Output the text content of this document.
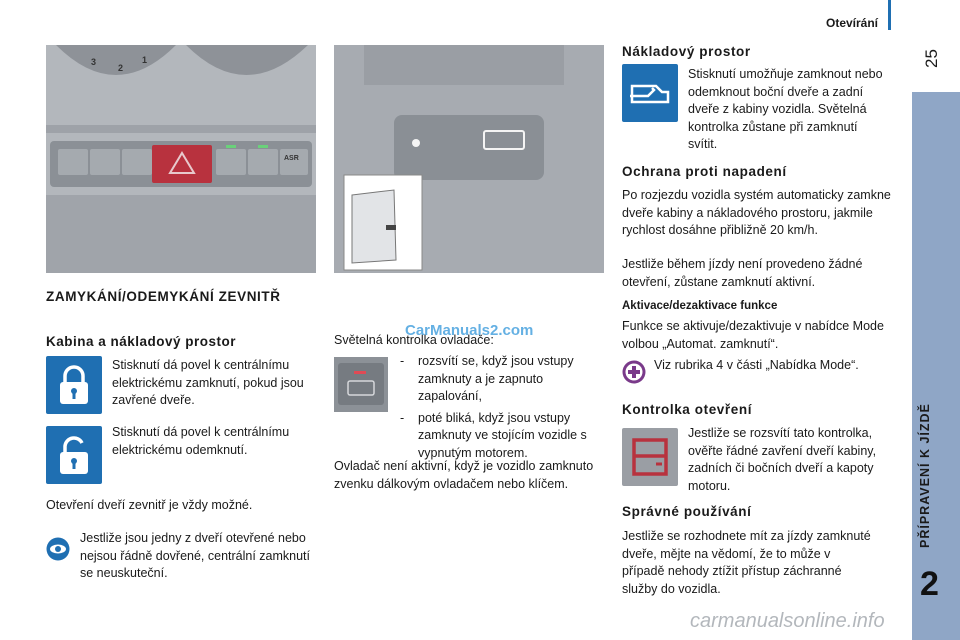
Otevírání
25
PŘÍPRAVENÍ K JÍZDĚ
2
3
2
1
ASR
ZAMYKÁNÍ/ODEMYKÁNÍ ZEVNITŘ
Kabina a nákladový prostor
Stisknutí dá povel k centrálnímu elektrickému zamknutí, pokud jsou zavřené dveře.
Stisknutí dá povel k centrálnímu elektrickému odemknutí.
Otevření dveří zevnitř je vždy možné.
Jestliže jsou jedny z dveří otevřené nebo nejsou řádně dovřené, centrální zamknutí se neuskuteční.
Světelná kontrolka ovladače:
- rozsvítí se, když jsou vstupy zamknuty a je zapnuto zapalování,
- poté bliká, když jsou vstupy zamknuty ve stojícím vozidle s vypnutým motorem.
Ovladač není aktivní, když je vozidlo zamknuto zvenku dálkovým ovladačem nebo klíčem.
Nákladový prostor
Stisknutí umožňuje zamknout nebo odemknout boční dveře a zadní dveře z kabiny vozidla. Světelná kontrolka zůstane při zamknutí svítit.
Ochrana proti napadení
Po rozjezdu vozidla systém automaticky zamkne dveře kabiny a nákladového prostoru, jakmile rychlost dosáhne přibližně 20 km/h.
Jestliže během jízdy není provedeno žádné otevření, zůstane zamknutí aktivní.
Aktivace/dezaktivace funkce
Funkce se aktivuje/dezaktivuje v nabídce Mode volbou „Automat. zamknutí“.
Viz rubrika 4 v části „Nabídka Mode“.
Kontrolka otevření
Jestliže se rozsvítí tato kontrolka, ověřte řádné zavření dveří kabiny, zadních či bočních dveří a kapoty motoru.
Správné používání
Jestliže se rozhodnete mít za jízdy zamknuté dveře, mějte na vědomí, že to může v případě nehody ztížit přístup záchranné služby do vozidla.
CarManuals2.com
carmanualsonline.info
